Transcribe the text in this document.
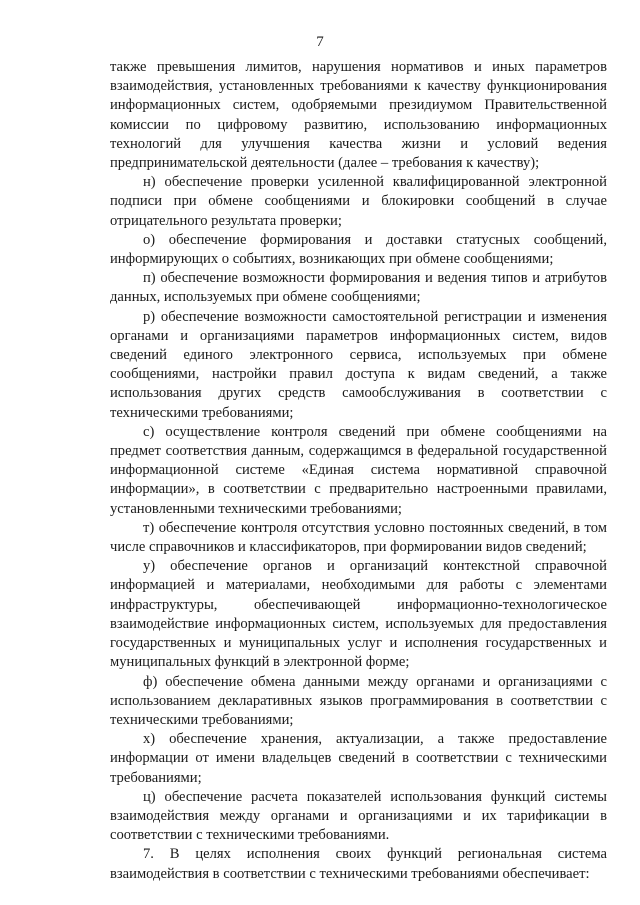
7

также превышения лимитов, нарушения нормативов и иных параметров взаимодействия, установленных требованиями к качеству функционирования информационных систем, одобряемыми президиумом Правительственной комиссии по цифровому развитию, использованию информационных технологий для улучшения качества жизни и условий ведения предпринимательской деятельности (далее – требования к качеству);

н) обеспечение проверки усиленной квалифицированной электронной подписи при обмене сообщениями и блокировки сообщений в случае отрицательного результата проверки;

о) обеспечение формирования и доставки статусных сообщений, информирующих о событиях, возникающих при обмене сообщениями;

п) обеспечение возможности формирования и ведения типов и атрибутов данных, используемых при обмене сообщениями;

р) обеспечение возможности самостоятельной регистрации и изменения органами и организациями параметров информационных систем, видов сведений единого электронного сервиса, используемых при обмене сообщениями, настройки правил доступа к видам сведений, а также использования других средств самообслуживания в соответствии с техническими требованиями;

с) осуществление контроля сведений при обмене сообщениями на предмет соответствия данным, содержащимся в федеральной государственной информационной системе «Единая система нормативной справочной информации», в соответствии с предварительно настроенными правилами, установленными техническими требованиями;

т) обеспечение контроля отсутствия условно постоянных сведений, в том числе справочников и классификаторов, при формировании видов сведений;

у) обеспечение органов и организаций контекстной справочной информацией и материалами, необходимыми для работы с элементами инфраструктуры, обеспечивающей информационно-технологическое взаимодействие информационных систем, используемых для предоставления государственных и муниципальных услуг и исполнения государственных и муниципальных функций в электронной форме;

ф) обеспечение обмена данными между органами и организациями с использованием декларативных языков программирования в соответствии с техническими требованиями;

х) обеспечение хранения, актуализации, а также предоставление информации от имени владельцев сведений в соответствии с техническими требованиями;

ц) обеспечение расчета показателей использования функций системы взаимодействия между органами и организациями и их тарификации в соответствии с техническими требованиями.

7. В целях исполнения своих функций региональная система взаимодействия в соответствии с техническими требованиями обеспечивает:
